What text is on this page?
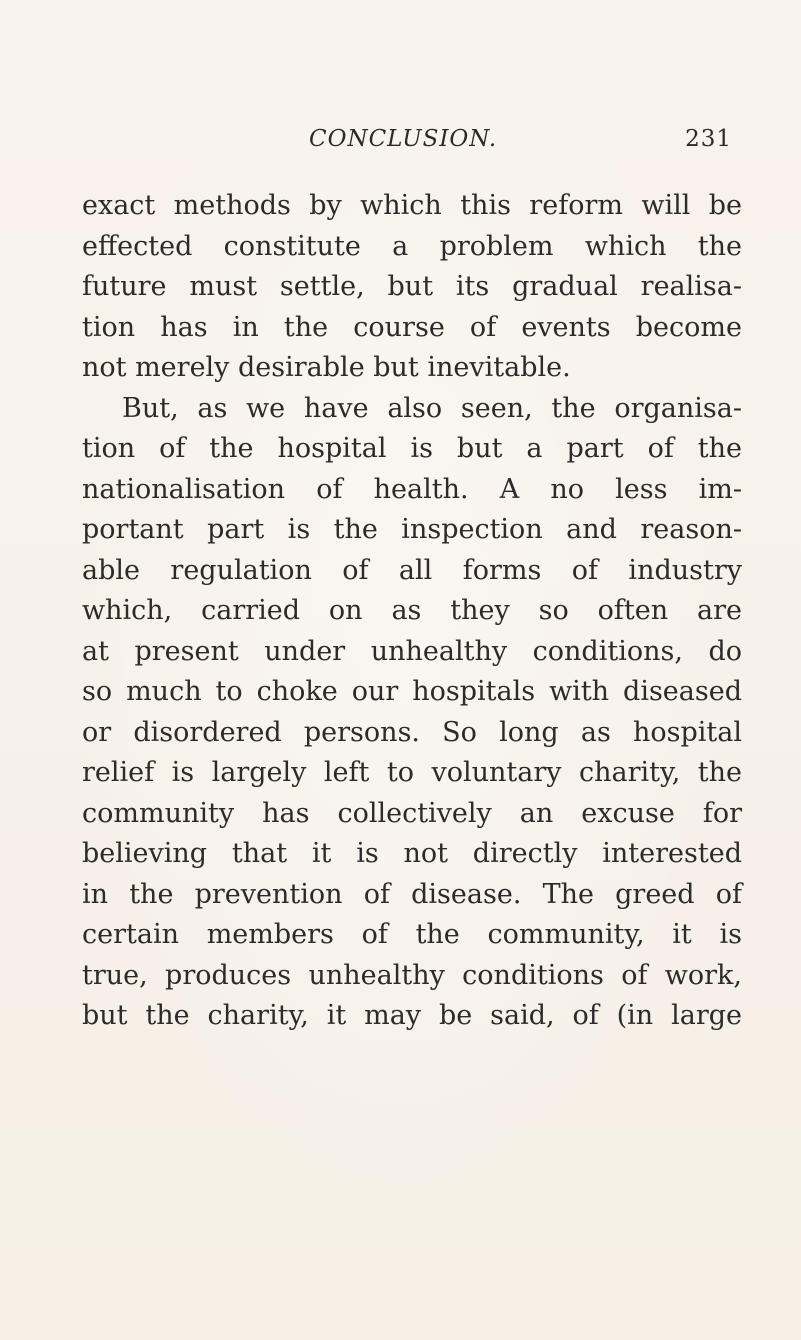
CONCLUSION.	231
exact methods by which this reform will be
effected constitute a problem which the
future must settle, but its gradual realisa-
tion has in the course of events become
not merely desirable but inevitable.
But, as we have also seen, the organisa-
tion of the hospital is but a part of the
nationalisation of health. A no less im-
portant part is the inspection and reason-
able regulation of all forms of industry
which, carried on as they so often are
at present under unhealthy conditions, do
so much to choke our hospitals with diseased
or disordered persons. So long as hospital
relief is largely left to voluntary charity, the
community has collectively an excuse for
believing that it is not directly interested
in the prevention of disease. The greed of
certain members of the community, it is
true, produces unhealthy conditions of work,
but the charity, it may be said, of (in large
